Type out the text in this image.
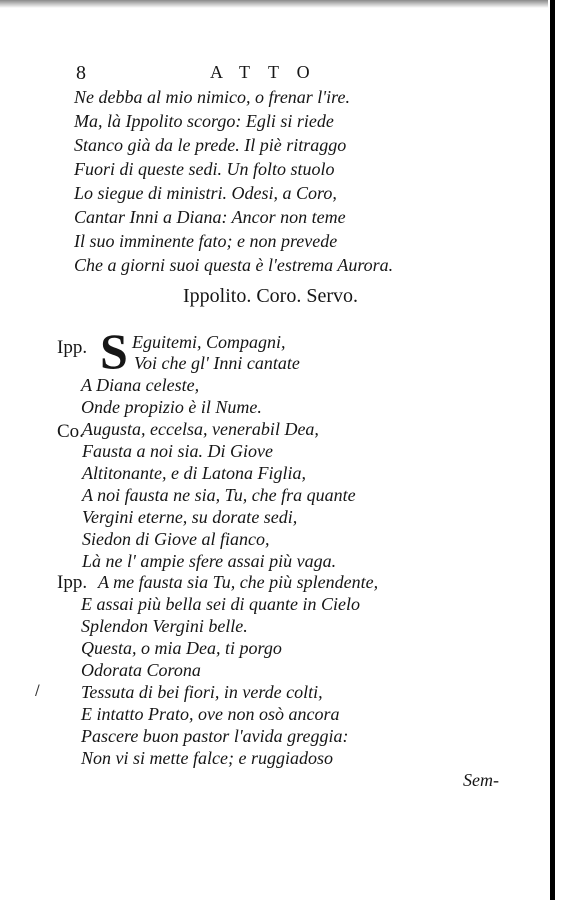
8	ATTO
Ne debba al mio nimico, o frenar l'ire.
Ma, là Ippolito scorgo: Egli si riede
Stanco già da le prede. Il piè ritraggo
Fuori di queste sedi. Un folto stuolo
Lo siegue di ministri. Odesi, a Coro,
Cantar Inni a Diana: Ancor non teme
Il suo imminente fato; e non prevede
Che a giorni suoi questa è l'estrema Aurora.
Ippolito. Coro. Servo.
Ipp. S Eguitemi, Compagni,
Voi che gl' Inni cantate
A Diana celeste,
Onde propizio è il Nume.
Co.
Augusta, eccelsa, venerabil Dea,
Fausta a noi sia. Di Giove
Altitonante, e di Latona Figlia,
A noi fausta ne sia, Tu, che fra quante
Vergini eterne, su dorate sedi,
Siedon di Giove al fianco,
Là ne l' ampie sfere assai più vaga.
Ipp. A me fausta sia Tu, che più splendente,
E assai più bella sei di quante in Cielo
Splendon Vergini belle.
Questa, o mia Dea, ti porgo
Odorata Corona
Tessuta di bei fiori, in verde colti,
E intatto Prato, ove non osò ancora
Pascere buon pastor l'avida greggia:
Non vi si mette falce; e ruggiadoso
Sem-
/
